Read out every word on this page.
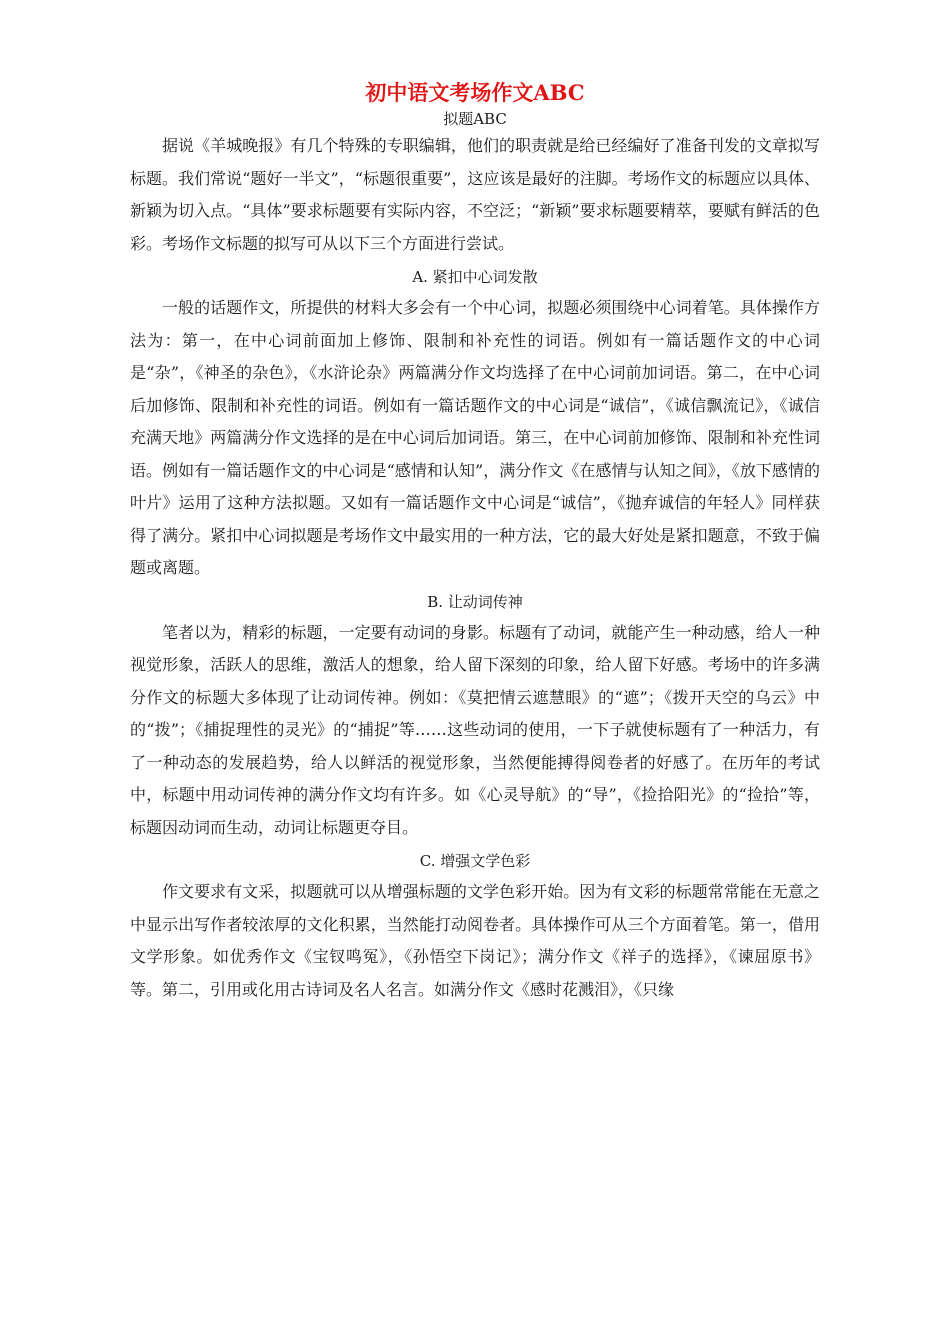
初中语文考场作文ABC
拟题ABC

据说《羊城晚报》有几个特殊的专职编辑，他们的职责就是给已经编好了准备刊发的文章拟写标题。我们常说“题好一半文”，“标题很重要”，这应该是最好的注脚。考场作文的标题应以具体、新颖为切入点。“具体”要求标题要有实际内容，不空泛；“新颖”要求标题要精萃，要赋有鲜活的色彩。考场作文标题的拟写可从以下三个方面进行尝试。

A. 紧扣中心词发散

一般的话题作文，所提供的材料大多会有一个中心词，拟题必须围绕中心词着笔。具体操作方法为：第一，在中心词前面加上修饰、限制和补充性的词语。例如有一篇话题作文的中心词是“杂”，《神圣的杂色》，《水浒论杂》两篇满分作文均选择了在中心词前加词语。第二，在中心词后加修饰、限制和补充性的词语。例如有一篇话题作文的中心词是“诚信”，《诚信飘流记》，《诚信充满天地》两篇满分作文选择的是在中心词后加词语。第三，在中心词前加修饰、限制和补充性词语。例如有一篇话题作文的中心词是“感情和认知”，满分作文《在感情与认知之间》，《放下感情的叶片》运用了这种方法拟题。又如有一篇话题作文中心词是“诚信”，《抛弃诚信的年轻人》同样获得了满分。紧扣中心词拟题是考场作文中最实用的一种方法，它的最大好处是紧扣题意，不致于偏题或离题。

B. 让动词传神

笔者以为，精彩的标题，一定要有动词的身影。标题有了动词，就能产生一种动感，给人一种视觉形象，活跃人的思维，激活人的想象，给人留下深刻的印象，给人留下好感。考场中的许多满分作文的标题大多体现了让动词传神。例如：《莫把情云遮慧眼》的“遮”；《拨开天空的乌云》中的“拨”；《捕捉理性的灵光》的“捕捉”等……这些动词的使用，一下子就使标题有了一种活力，有了一种动态的发展趋势，给人以鲜活的视觉形象，当然便能搏得阅卷者的好感了。在历年的考试中，标题中用动词传神的满分作文均有许多。如《心灵导航》的“导”，《捡拾阳光》的“捡拾”等，标题因动词而生动，动词让标题更夺目。

C. 增强文学色彩

作文要求有文采，拟题就可以从增强标题的文学色彩开始。因为有文彩的标题常常能在无意之中显示出写作者较浓厚的文化积累，当然能打动阅卷者。具体操作可从三个方面着笔。第一，借用文学形象。如优秀作文《宝钗鸣冤》，《孙悟空下岗记》；满分作文《祥子的选择》，《谏屈原书》等。第二，引用或化用古诗词及名人名言。如满分作文《感时花溅泪》，《只缘
